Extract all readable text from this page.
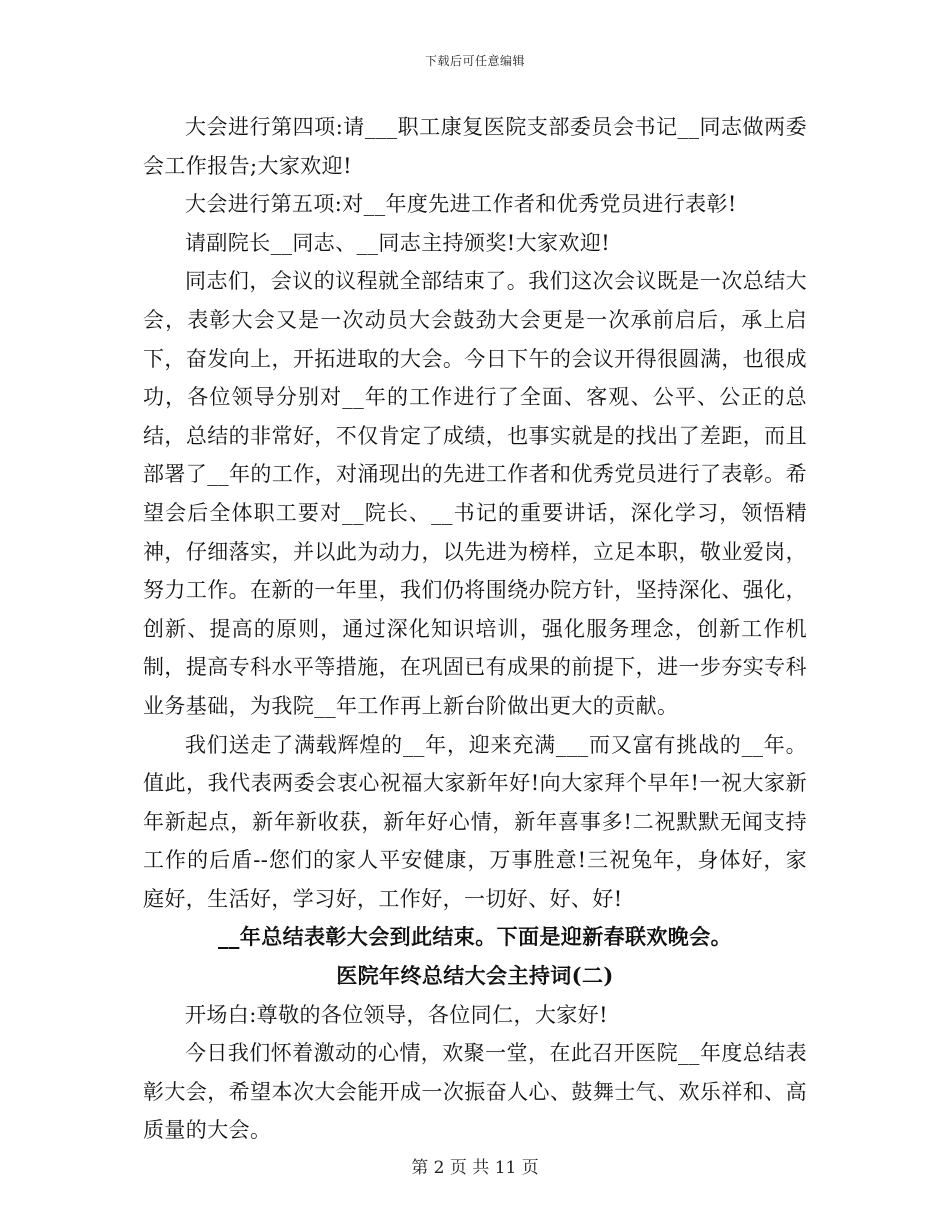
下载后可任意编辑

大会进行第四项:请___职工康复医院支部委员会书记__同志做两委会工作报告;大家欢迎!

大会进行第五项:对__年度先进工作者和优秀党员进行表彰!

请副院长__同志、__同志主持颁奖!大家欢迎!

同志们，会议的议程就全部结束了。我们这次会议既是一次总结大会，表彰大会又是一次动员大会鼓劲大会更是一次承前启后，承上启下，奋发向上，开拓进取的大会。今日下午的会议开得很圆满，也很成功，各位领导分别对__年的工作进行了全面、客观、公平、公正的总结，总结的非常好，不仅肯定了成绩，也事实就是的找出了差距，而且部署了__年的工作，对涌现出的先进工作者和优秀党员进行了表彰。希望会后全体职工要对__院长、__书记的重要讲话，深化学习，领悟精神，仔细落实，并以此为动力，以先进为榜样，立足本职，敬业爱岗，努力工作。在新的一年里，我们仍将围绕办院方针，坚持深化、强化，创新、提高的原则，通过深化知识培训，强化服务理念，创新工作机制，提高专科水平等措施，在巩固已有成果的前提下，进一步夯实专科业务基础，为我院__年工作再上新台阶做出更大的贡献。

我们送走了满载辉煌的__年，迎来充满___而又富有挑战的__年。值此，我代表两委会衷心祝福大家新年好!向大家拜个早年!一祝大家新年新起点，新年新收获，新年好心情，新年喜事多!二祝默默无闻支持工作的后盾--您们的家人平安健康，万事胜意!三祝兔年，身体好，家庭好，生活好，学习好，工作好，一切好、好、好!

__年总结表彰大会到此结束。下面是迎新春联欢晚会。

医院年终总结大会主持词(二)

开场白:尊敬的各位领导，各位同仁，大家好!

今日我们怀着激动的心情，欢聚一堂，在此召开医院__年度总结表彰大会，希望本次大会能开成一次振奋人心、鼓舞士气、欢乐祥和、高质量的大会。

第 2 页 共 11 页
